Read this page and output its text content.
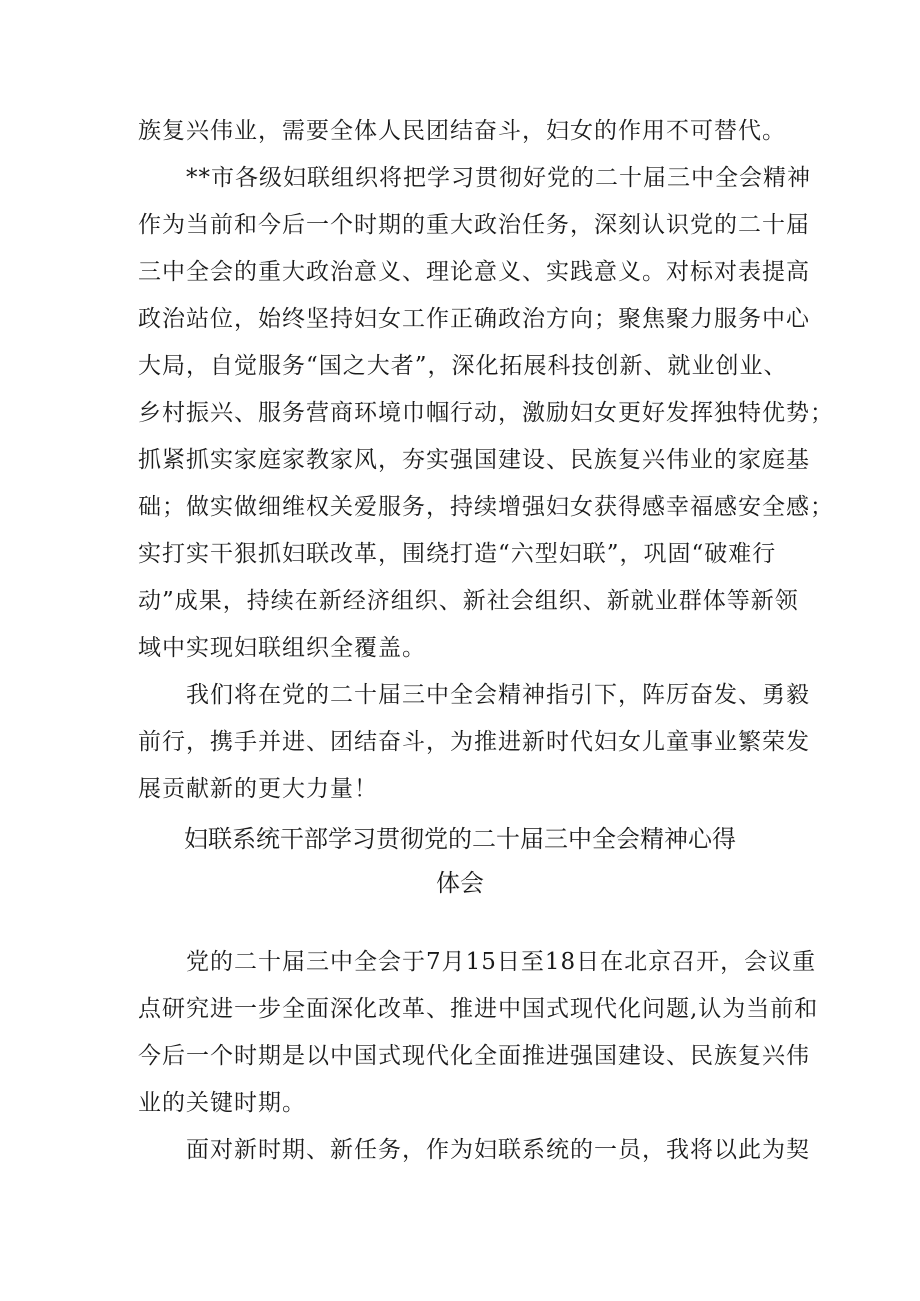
族复兴伟业，需要全体人民团结奋斗，妇女的作用不可替代。
**市各级妇联组织将把学习贯彻好党的二十届三中全会精神
作为当前和今后一个时期的重大政治任务，深刻认识党的二十届
三中全会的重大政治意义、理论意义、实践意义。对标对表提高
政治站位，始终坚持妇女工作正确政治方向；聚焦聚力服务中心
大局，自觉服务“国之大者”，深化拓展科技创新、就业创业、
乡村振兴、服务营商环境巾帼行动，激励妇女更好发挥独特优势；
抓紧抓实家庭家教家风，夯实强国建设、民族复兴伟业的家庭基
础；做实做细维权关爱服务，持续增强妇女获得感幸福感安全感；
实打实干狠抓妇联改革，围绕打造“六型妇联”，巩固“破难行
动”成果，持续在新经济组织、新社会组织、新就业群体等新领
域中实现妇联组织全覆盖。
我们将在党的二十届三中全会精神指引下，阵厉奋发、勇毅
前行，携手并进、团结奋斗，为推进新时代妇女儿童事业繁荣发
展贡献新的更大力量！
妇联系统干部学习贯彻党的二十届三中全会精神心得
体会
党的二十届三中全会于7月15日至18日在北京召开，会议重
点研究进一步全面深化改革、推进中国式现代化问题,认为当前和
今后一个时期是以中国式现代化全面推进强国建设、民族复兴伟
业的关键时期。
面对新时期、新任务，作为妇联系统的一员，我将以此为契
